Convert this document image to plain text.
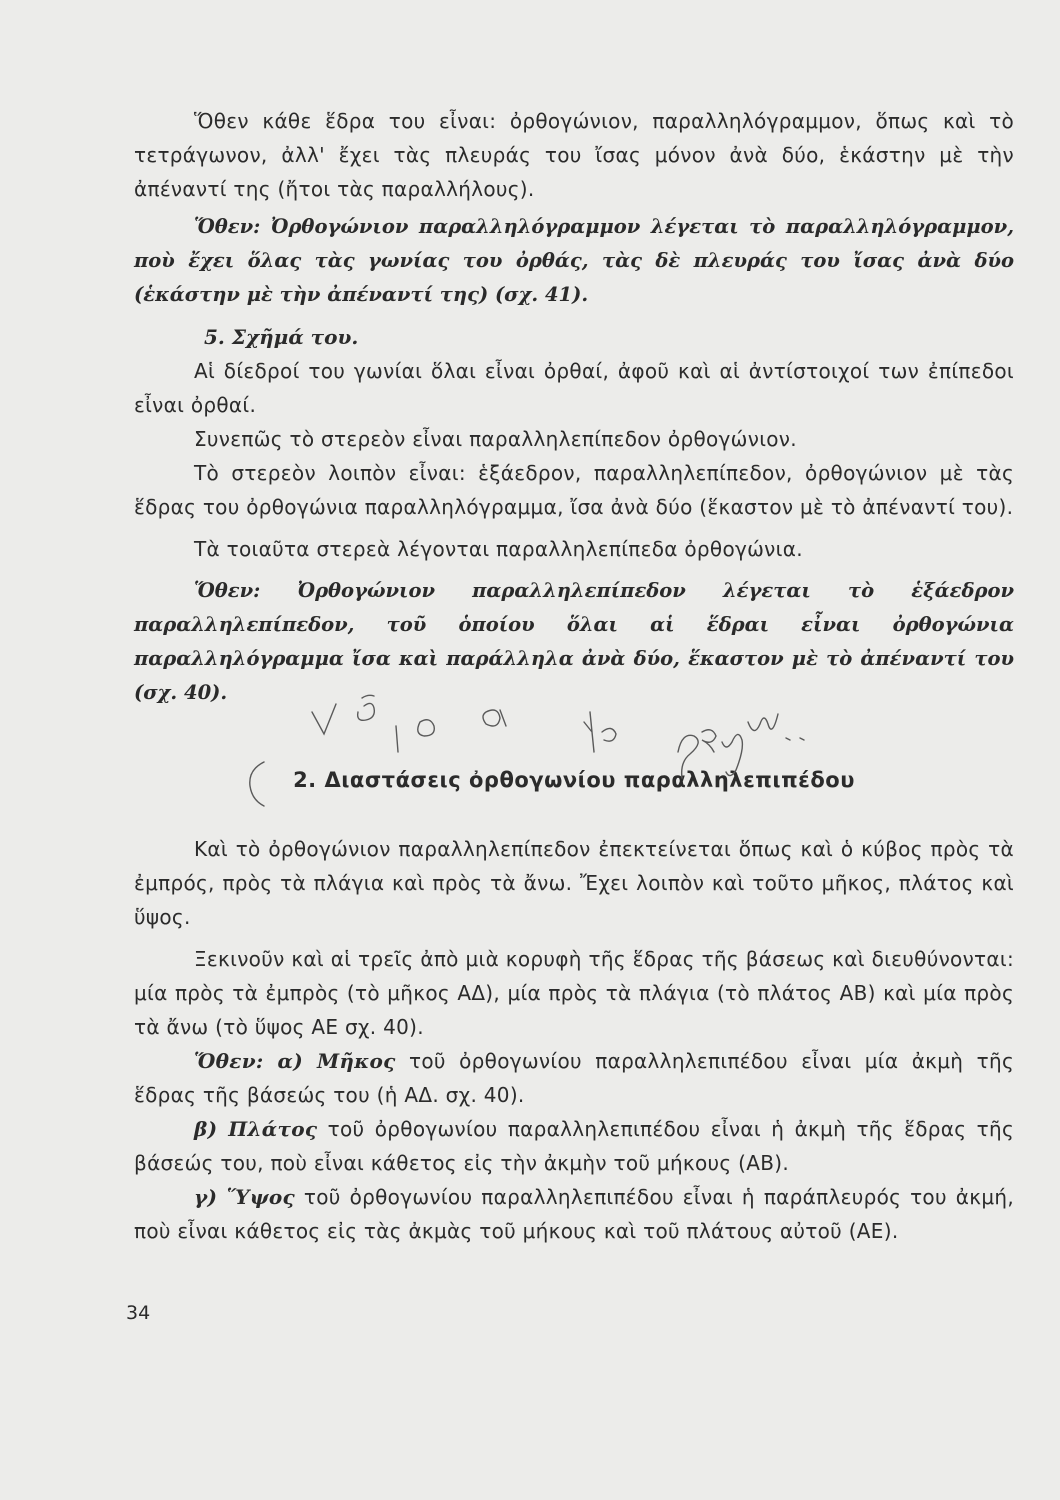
Ὅθεν κάθε ἕδρα του εἶναι: ὀρθογώνιον, παραλληλόγραμμον, ὅπως καὶ τὸ τετράγωνον, ἀλλ' ἔχει τὰς πλευράς του ἴσας μόνον ἀνὰ δύο, ἑκάστην μὲ τὴν ἀπέναντί της (ἤτοι τὰς παραλλήλους).

Ὅθεν: Ὀρθογώνιον παραλληλόγραμμον λέγεται τὸ παραλληλόγραμμον, ποὺ ἔχει ὅλας τὰς γωνίας του ὀρθάς, τὰς δὲ πλευράς του ἴσας ἀνὰ δύο (ἑκάστην μὲ τὴν ἀπέναντί της) (σχ. 41).

5. Σχῆμά του.

Αἱ δίεδροί του γωνίαι ὅλαι εἶναι ὀρθαί, ἀφοῦ καὶ αἱ ἀντίστοιχοί των ἐπίπεδοι εἶναι ὀρθαί.

Συνεπῶς τὸ στερεὸν εἶναι παραλληλεπίπεδον ὀρθογώνιον.

Τὸ στερεὸν λοιπὸν εἶναι: ἑξάεδρον, παραλληλεπίπεδον, ὀρθογώνιον μὲ τὰς ἕδρας του ὀρθογώνια παραλληλόγραμμα, ἴσα ἀνὰ δύο (ἕκαστον μὲ τὸ ἀπέναντί του).

Τὰ τοιαῦτα στερεὰ λέγονται παραλληλεπίπεδα ὀρθογώνια.

Ὅθεν: Ὀρθογώνιον παραλληλεπίπεδον λέγεται τὸ ἑξάεδρον παραλληλεπίπεδον, τοῦ ὁποίου ὅλαι αἱ ἕδραι εἶναι ὀρθογώνια παραλληλόγραμμα ἴσα καὶ παράλληλα ἀνὰ δύο, ἕκαστον μὲ τὸ ἀπέναντί του (σχ. 40).

2. Διαστάσεις ὀρθογωνίου παραλληλεπιπέδου

Καὶ τὸ ὀρθογώνιον παραλληλεπίπεδον ἐπεκτείνεται ὅπως καὶ ὁ κύβος πρὸς τὰ ἐμπρός, πρὸς τὰ πλάγια καὶ πρὸς τὰ ἄνω. Ἔχει λοιπὸν καὶ τοῦτο μῆκος, πλάτος καὶ ὕψος.

Ξεκινοῦν καὶ αἱ τρεῖς ἀπὸ μιὰ κορυφὴ τῆς ἕδρας τῆς βάσεως καὶ διευθύνονται: μία πρὸς τὰ ἐμπρὸς (τὸ μῆκος ΑΔ), μία πρὸς τὰ πλάγια (τὸ πλάτος ΑΒ) καὶ μία πρὸς τὰ ἄνω (τὸ ὕψος ΑΕ σχ. 40).

Ὅθεν: α) Μῆκος τοῦ ὀρθογωνίου παραλληλεπιπέδου εἶναι μία ἀκμὴ τῆς ἕδρας τῆς βάσεώς του (ἡ ΑΔ. σχ. 40).

β) Πλάτος τοῦ ὀρθογωνίου παραλληλεπιπέδου εἶναι ἡ ἀκμὴ τῆς ἕδρας τῆς βάσεώς του, ποὺ εἶναι κάθετος εἰς τὴν ἀκμὴν τοῦ μήκους (ΑΒ).

γ) Ὕψος τοῦ ὀρθογωνίου παραλληλεπιπέδου εἶναι ἡ παράπλευρός του ἀκμή, ποὺ εἶναι κάθετος εἰς τὰς ἀκμὰς τοῦ μήκους καὶ τοῦ πλάτους αὐτοῦ (ΑΕ).

34
